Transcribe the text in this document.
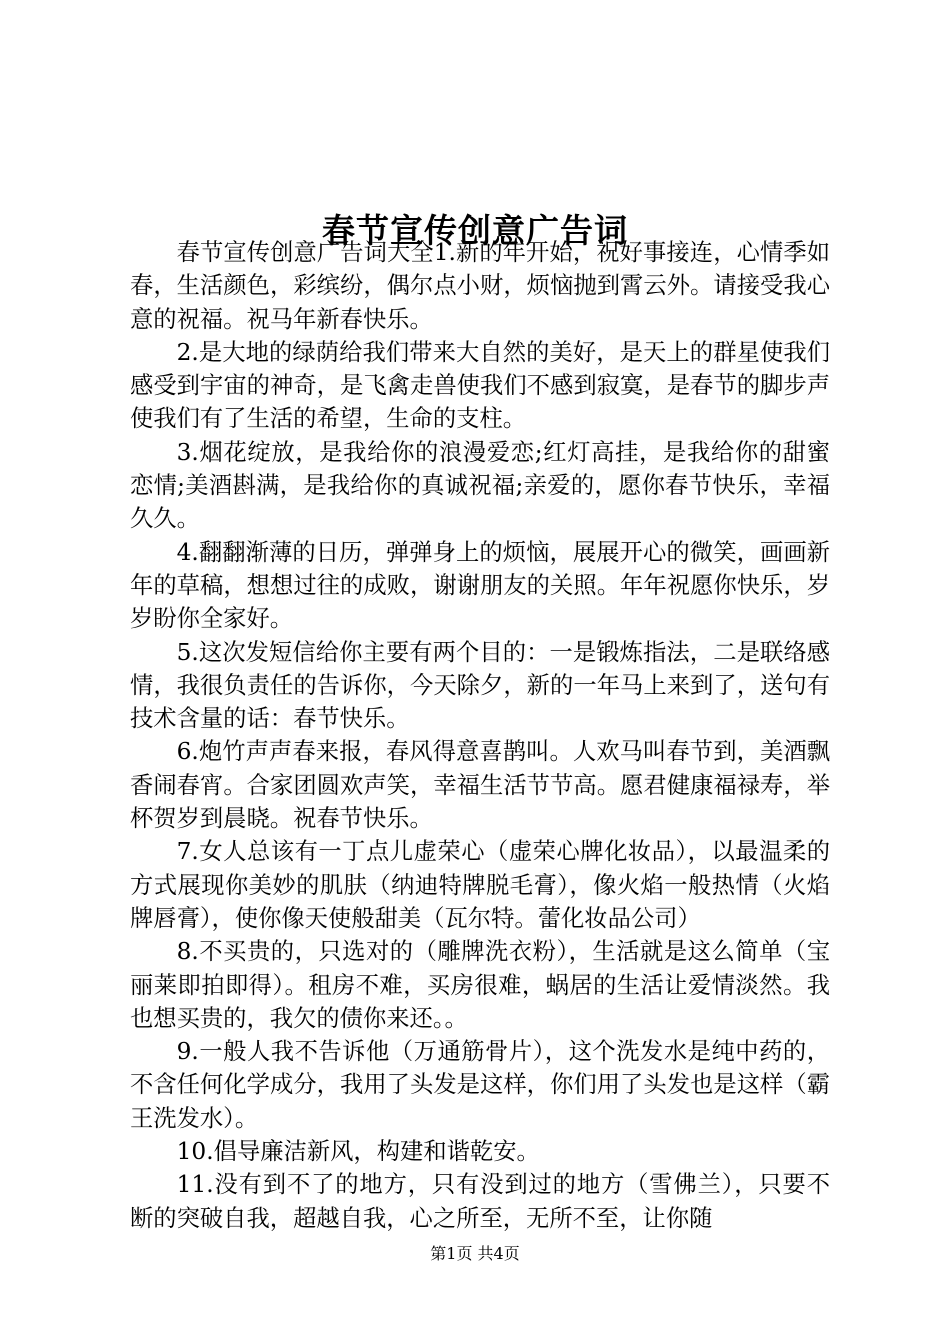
春节宣传创意广告词

春节宣传创意广告词大全1.新的年开始，祝好事接连，心情季如春，生活颜色，彩缤纷，偶尔点小财，烦恼抛到霄云外。请接受我心意的祝福。祝马年新春快乐。

2.是大地的绿荫给我们带来大自然的美好，是天上的群星使我们感受到宇宙的神奇，是飞禽走兽使我们不感到寂寞，是春节的脚步声使我们有了生活的希望，生命的支柱。

3.烟花绽放，是我给你的浪漫爱恋;红灯高挂，是我给你的甜蜜恋情;美酒斟满，是我给你的真诚祝福;亲爱的，愿你春节快乐，幸福久久。

4.翻翻渐薄的日历，弹弹身上的烦恼，展展开心的微笑，画画新年的草稿，想想过往的成败，谢谢朋友的关照。年年祝愿你快乐，岁岁盼你全家好。

5.这次发短信给你主要有两个目的：一是锻炼指法，二是联络感情，我很负责任的告诉你，今天除夕，新的一年马上来到了，送句有技术含量的话：春节快乐。

6.炮竹声声春来报，春风得意喜鹊叫。人欢马叫春节到，美酒飘香闹春宵。合家团圆欢声笑，幸福生活节节高。愿君健康福禄寿，举杯贺岁到晨晓。祝春节快乐。

7.女人总该有一丁点儿虚荣心（虚荣心牌化妆品），以最温柔的方式展现你美妙的肌肤（纳迪特牌脱毛膏），像火焰一般热情（火焰牌唇膏），使你像天使般甜美（瓦尔特。蕾化妆品公司）

8.不买贵的，只选对的（雕牌洗衣粉），生活就是这么简单（宝丽莱即拍即得）。租房不难，买房很难，蜗居的生活让爱情淡然。我也想买贵的，我欠的债你来还。。

9.一般人我不告诉他（万通筋骨片），这个洗发水是纯中药的，不含任何化学成分，我用了头发是这样，你们用了头发也是这样（霸王洗发水）。

10.倡导廉洁新风，构建和谐乾安。

11.没有到不了的地方，只有没到过的地方（雪佛兰），只要不断的突破自我，超越自我，心之所至，无所不至，让你随

第1页 共4页
